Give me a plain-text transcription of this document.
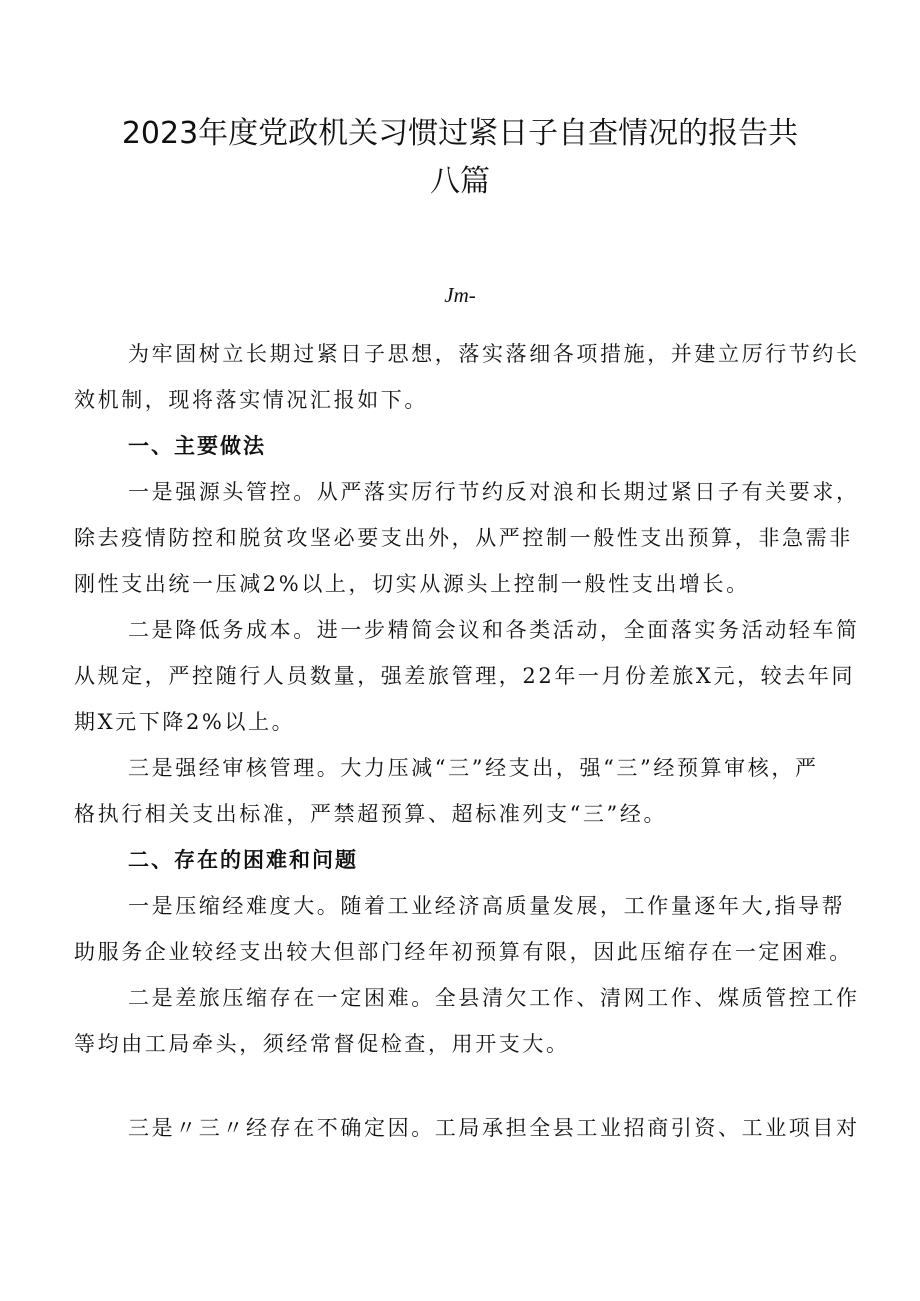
2023年度党政机关习惯过紧日子自查情况的报告共
八篇
Jm-
为牢固树立长期过紧日子思想，落实落细各项措施，并建立厉行节约长
效机制，现将落实情况汇报如下。
一、主要做法
一是强源头管控。从严落实厉行节约反对浪和长期过紧日子有关要求，
除去疫情防控和脱贫攻坚必要支出外，从严控制一般性支出预算，非急需非
刚性支出统一压减2%以上，切实从源头上控制一般性支出增长。
二是降低务成本。进一步精简会议和各类活动，全面落实务活动轻车简
从规定，严控随行人员数量，强差旅管理，22年一月份差旅X元，较去年同
期X元下降2%以上。
三是强经审核管理。大力压减“三”经支出，强“三”经预算审核，严
格执行相关支出标准，严禁超预算、超标准列支“三”经。
二、存在的困难和问题
一是压缩经难度大。随着工业经济高质量发展，工作量逐年大,指导帮
助服务企业较经支出较大但部门经年初预算有限，因此压缩存在一定困难。
二是差旅压缩存在一定困难。全县清欠工作、清网工作、煤质管控工作
等均由工局牵头，须经常督促检查，用开支大。
三是〃三〃经存在不确定因。工局承担全县工业招商引资、工业项目对
